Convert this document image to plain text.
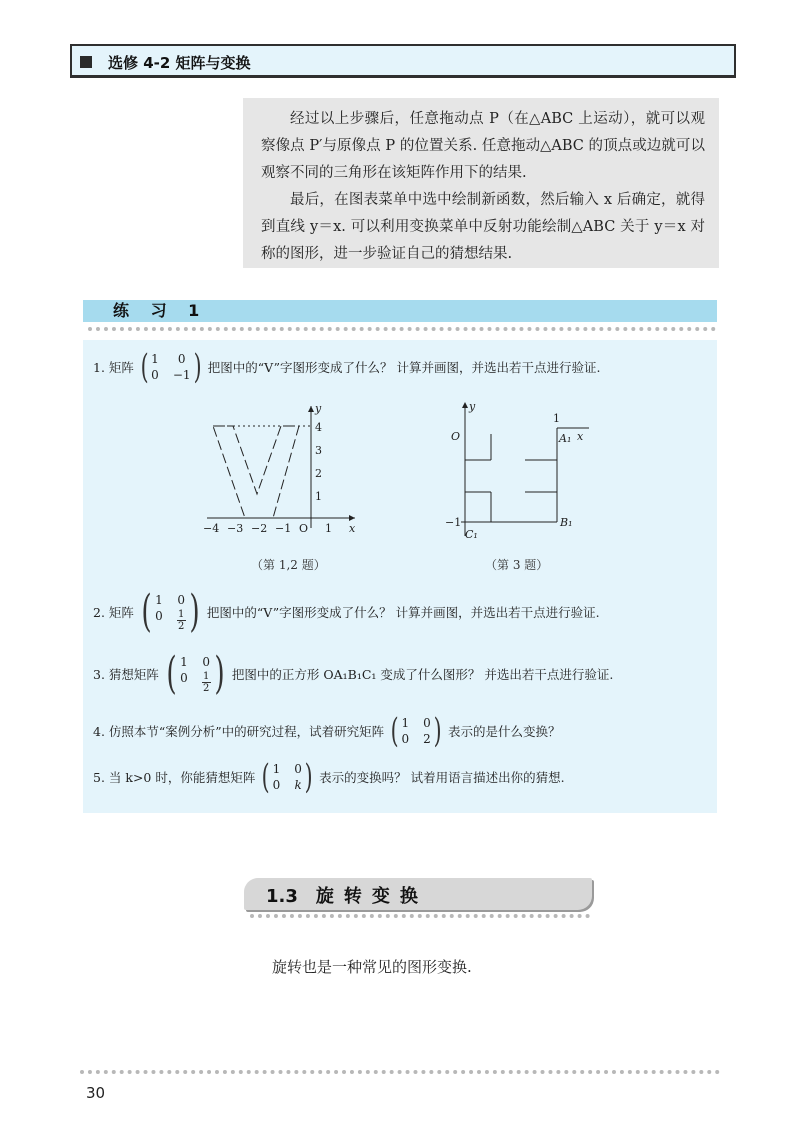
选修 4-2 矩阵与变换

经过以上步骤后，任意拖动点 P（在△ABC 上运动），就可以观察像点 P′与原像点 P 的位置关系. 任意拖动△ABC 的顶点或边就可以观察不同的三角形在该矩阵作用下的结果.

最后，在图表菜单中选中绘制新函数，然后输入 x 后确定，就得到直线 y＝x. 可以利用变换菜单中反射功能绘制△ABC 关于 y＝x 对称的图形，进一步验证自己的猜想结果.

练 习 1
1. 矩阵 ( 1	0
0 −1 ) 把图中的“V”字图形变成了什么？ 计算并画图，并选出若干点进行验证.
−4 −3 −2 −1 O 1 x
4
3
2
1
y
（第 1,2 题）
y
O
1
A₁ x
−1
C₁
B₁
（第 3 题）
2. 矩阵 ( 1 0
$0 \frac{1}{2}$ ) 把图中的“V”字图形变成了什么？ 计算并画图，并选出若干点进行验证.
3. 猜想矩阵 ( 1 0
$0 \frac{1}{2}$ ) 把图中的正方形 OA₁B₁C₁ 变成了什么图形？ 并选出若干点进行验证.
4. 仿照本节“案例分析”中的研究过程，试着研究矩阵 ( 1 0
0 2 ) 表示的是什么变换？
5. 当 k>0 时，你能猜想矩阵 ( 1 0
0 k ) 表示的变换吗？ 试着用语言描述出你的猜想.
1.3 旋转变换
旋转也是一种常见的图形变换.
30
